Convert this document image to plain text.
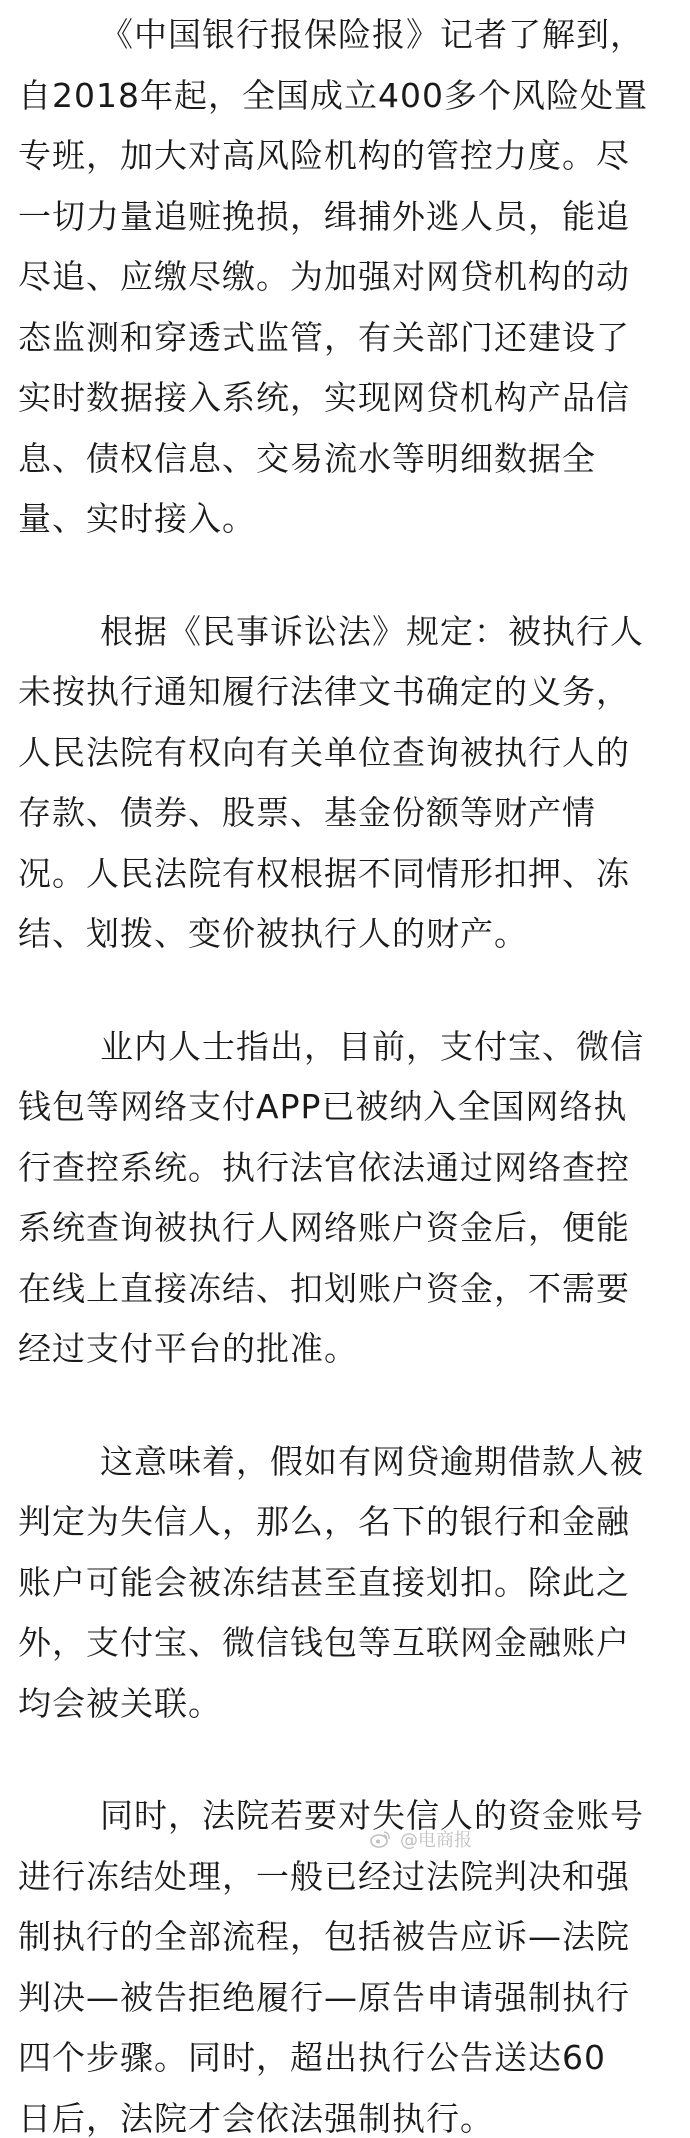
《中国银行报保险报》记者了解到，
自2018年起，全国成立400多个风险处置
专班，加大对高风险机构的管控力度。尽
一切力量追赃挽损，缉捕外逃人员，能追
尽追、应缴尽缴。为加强对网贷机构的动
态监测和穿透式监管，有关部门还建设了
实时数据接入系统，实现网贷机构产品信
息、债权信息、交易流水等明细数据全
量、实时接入。
根据《民事诉讼法》规定：被执行人
未按执行通知履行法律文书确定的义务，
人民法院有权向有关单位查询被执行人的
存款、债券、股票、基金份额等财产情
况。人民法院有权根据不同情形扣押、冻
结、划拨、变价被执行人的财产。
业内人士指出，目前，支付宝、微信
钱包等网络支付APP已被纳入全国网络执
行查控系统。执行法官依法通过网络查控
系统查询被执行人网络账户资金后，便能
在线上直接冻结、扣划账户资金，不需要
经过支付平台的批准。
这意味着，假如有网贷逾期借款人被
判定为失信人，那么，名下的银行和金融
账户可能会被冻结甚至直接划扣。除此之
外，支付宝、微信钱包等互联网金融账户
均会被关联。
同时，法院若要对失信人的资金账号
进行冻结处理，一般已经过法院判决和强
制执行的全部流程，包括被告应诉—法院
判决—被告拒绝履行—原告申请强制执行
四个步骤。同时，超出执行公告送达60
日后，法院才会依法强制执行。
@电商报
